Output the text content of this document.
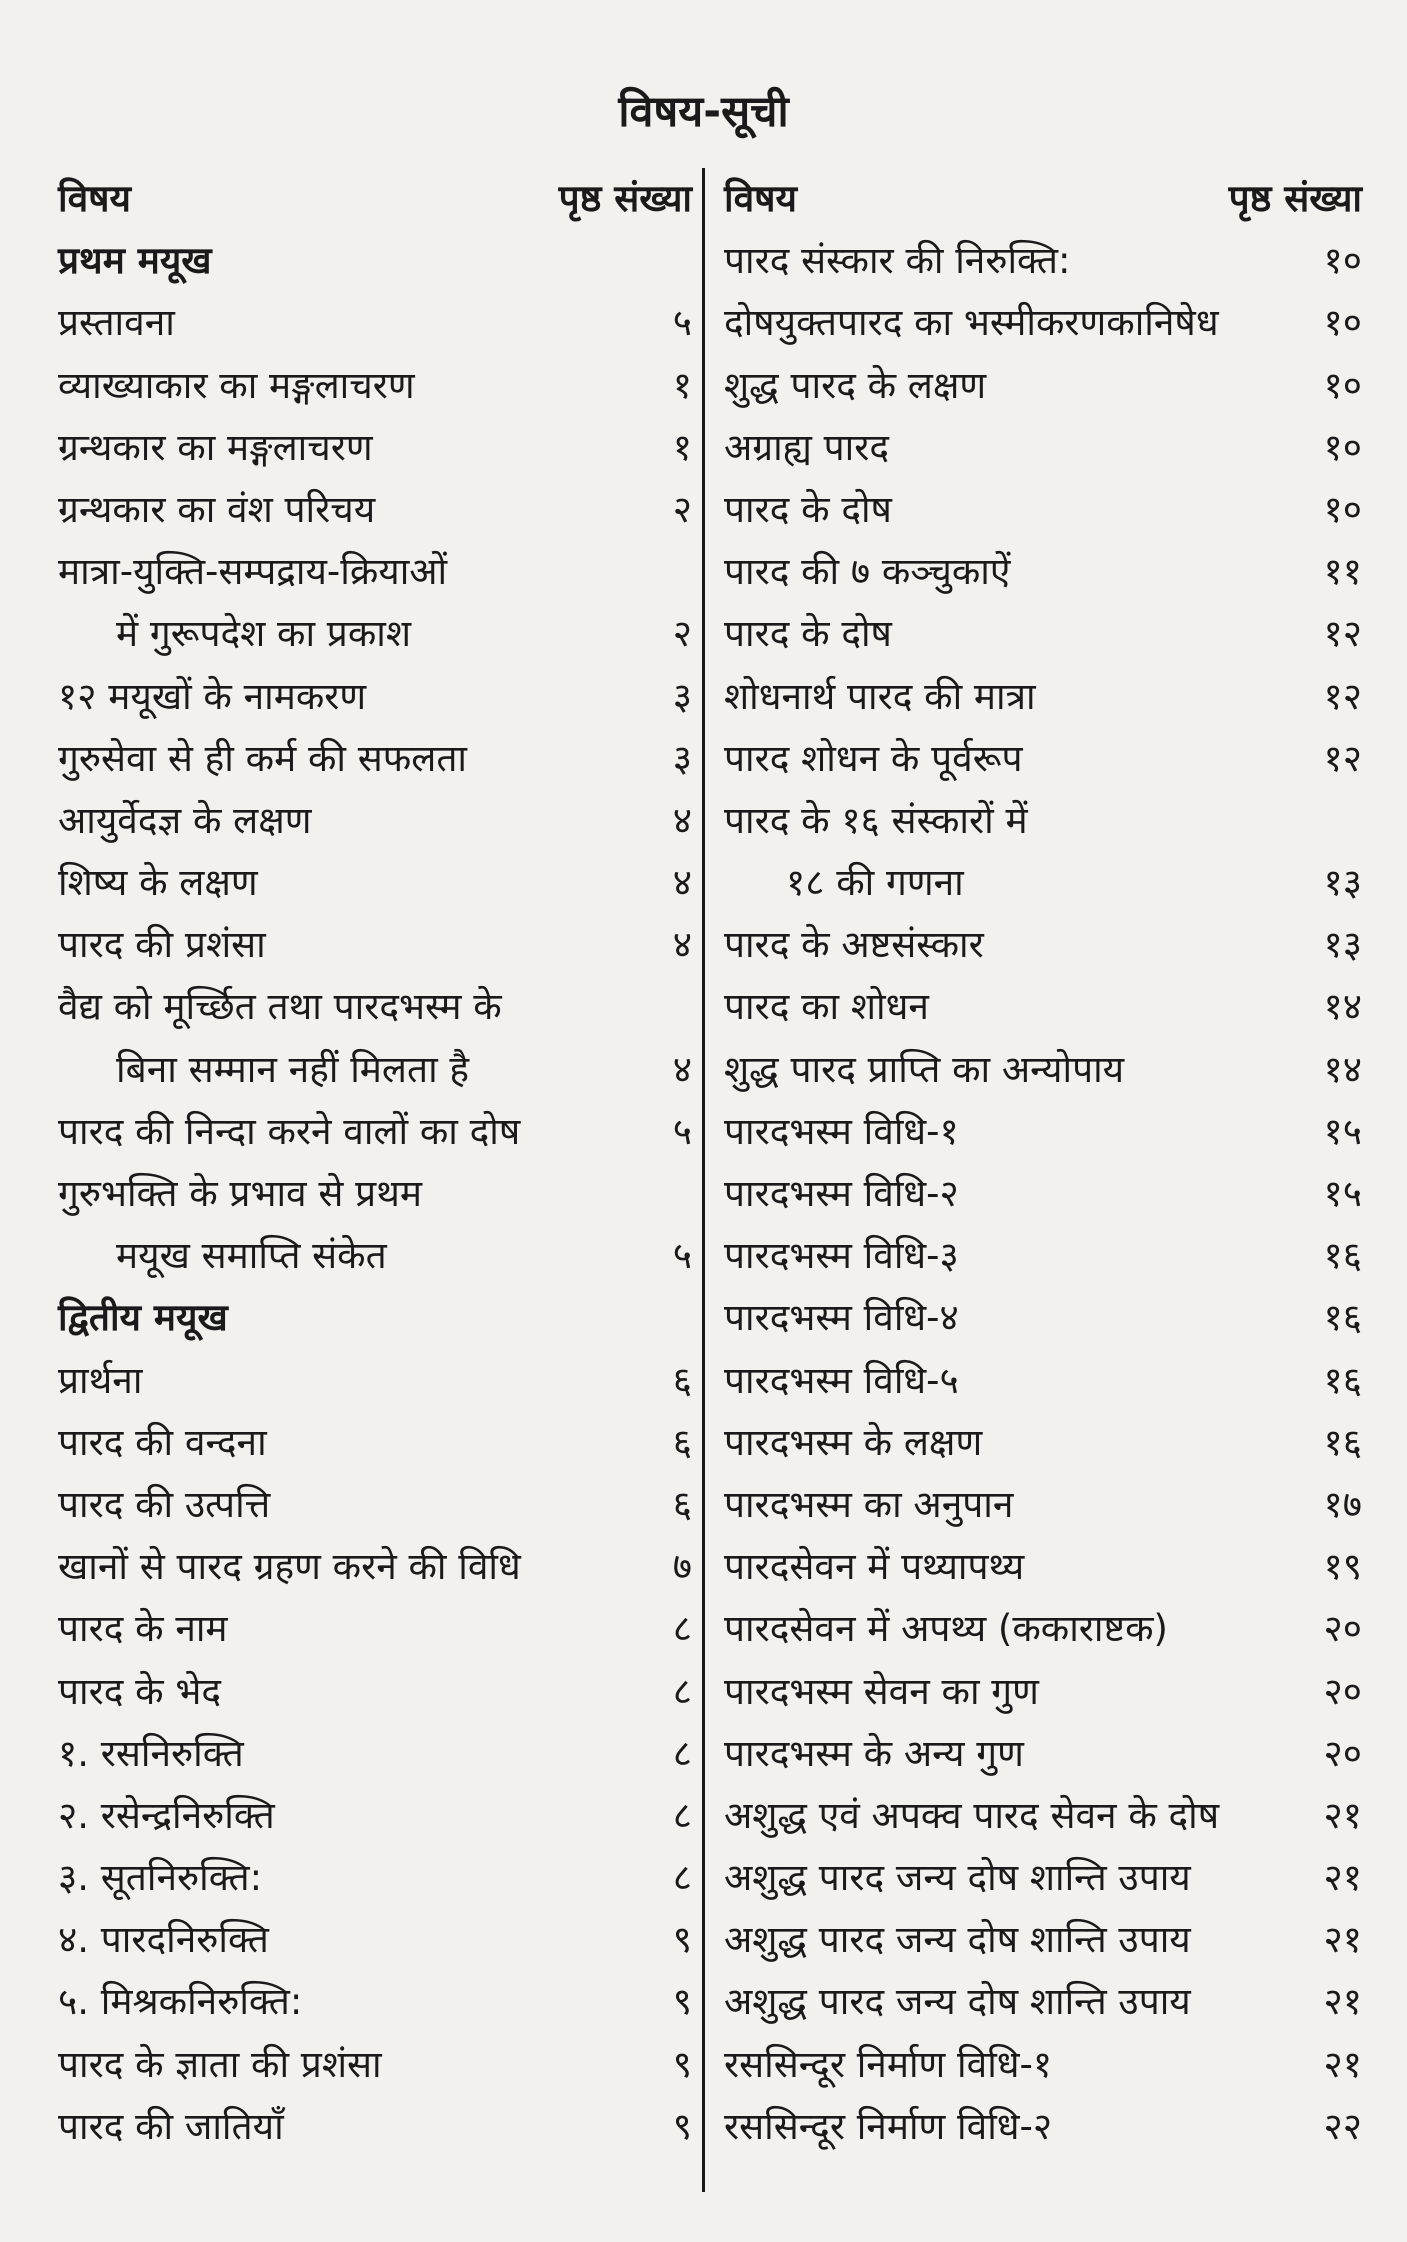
विषय-सूची
विषय	पृष्ठ संख्या
प्रथम मयूख
प्रस्तावना	५
व्याख्याकार का मङ्गलाचरण	१
ग्रन्थकार का मङ्गलाचरण	१
ग्रन्थकार का वंश परिचय	२
मात्रा-युक्ति-सम्पद्राय-क्रियाओं
में गुरूपदेश का प्रकाश	२
१२ मयूखों के नामकरण	३
गुरुसेवा से ही कर्म की सफलता	३
आयुर्वेदज्ञ के लक्षण	४
शिष्य के लक्षण	४
पारद की प्रशंसा	४
वैद्य को मूर्च्छित तथा पारदभस्म के
बिना सम्मान नहीं मिलता है	४
पारद की निन्दा करने वालों का दोष	५
गुरुभक्ति के प्रभाव से प्रथम
मयूख समाप्ति संकेत	५
द्वितीय मयूख
प्रार्थना	६
पारद की वन्दना	६
पारद की उत्पत्ति	६
खानों से पारद ग्रहण करने की विधि	७
पारद के नाम	८
पारद के भेद	८
१. रसनिरुक्ति	८
२. रसेन्द्रनिरुक्ति	८
३. सूतनिरुक्ति:	८
४. पारदनिरुक्ति	९
५. मिश्रकनिरुक्ति:	९
पारद के ज्ञाता की प्रशंसा	९
पारद की जातियाँ	९
विषय	पृष्ठ संख्या
पारद संस्कार की निरुक्ति:	१०
दोषयुक्तपारद का भस्मीकरणकानिषेध	१०
शुद्ध पारद के लक्षण	१०
अग्राह्य पारद	१०
पारद के दोष	१०
पारद की ७ कञ्चुकाऐं	११
पारद के दोष	१२
शोधनार्थ पारद की मात्रा	१२
पारद शोधन के पूर्वरूप	१२
पारद के १६ संस्कारों में
१८ की गणना	१३
पारद के अष्टसंस्कार	१३
पारद का शोधन	१४
शुद्ध पारद प्राप्ति का अन्योपाय	१४
पारदभस्म विधि-१	१५
पारदभस्म विधि-२	१५
पारदभस्म विधि-३	१६
पारदभस्म विधि-४	१६
पारदभस्म विधि-५	१६
पारदभस्म के लक्षण	१६
पारदभस्म का अनुपान	१७
पारदसेवन में पथ्यापथ्य	१९
पारदसेवन में अपथ्य (ककाराष्टक)	२०
पारदभस्म सेवन का गुण	२०
पारदभस्म के अन्य गुण	२०
अशुद्ध एवं अपक्व पारद सेवन के दोष	२१
अशुद्ध पारद जन्य दोष शान्ति उपाय	२१
अशुद्ध पारद जन्य दोष शान्ति उपाय	२१
अशुद्ध पारद जन्य दोष शान्ति उपाय	२१
रससिन्दूर निर्माण विधि-१	२१
रससिन्दूर निर्माण विधि-२	२२
